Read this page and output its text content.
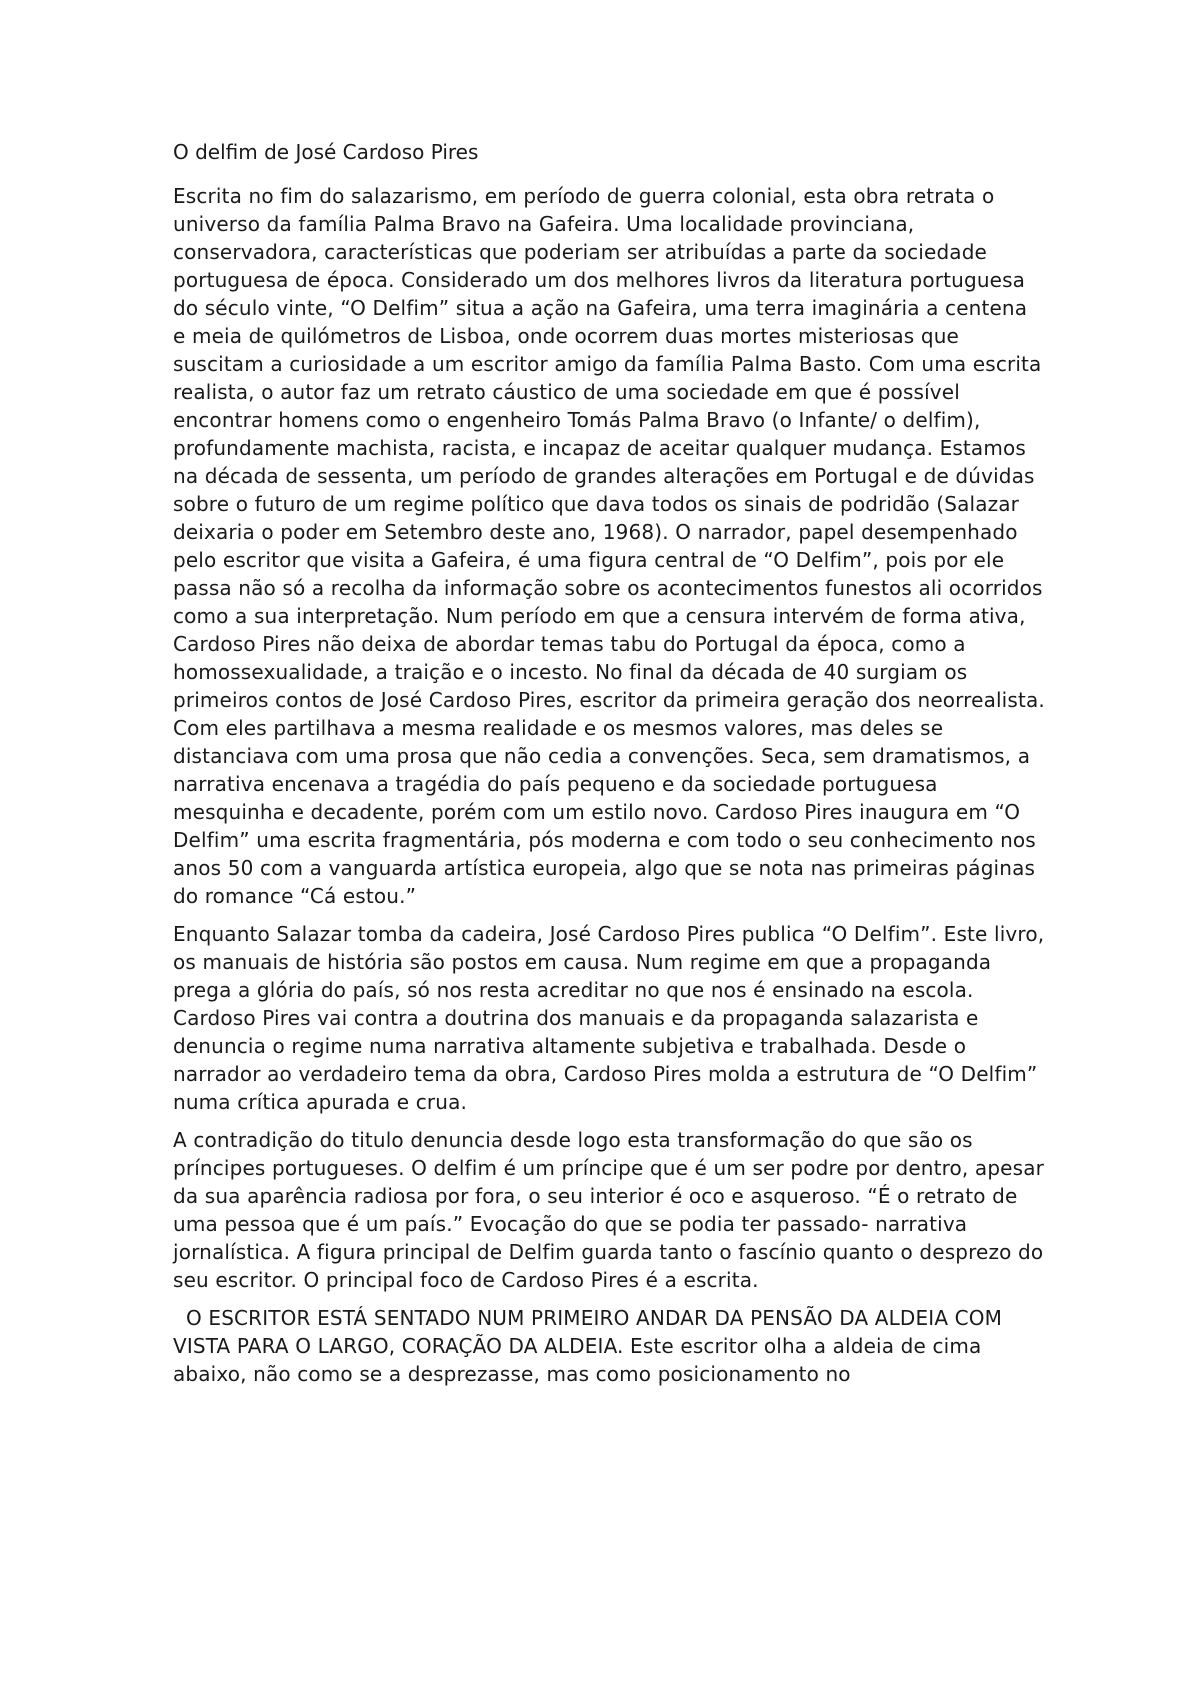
O delfim de José Cardoso Pires

Escrita no fim do salazarismo, em período de guerra colonial, esta obra retrata o universo da família Palma Bravo na Gafeira. Uma localidade provinciana, conservadora, características que poderiam ser atribuídas a parte da sociedade portuguesa de época. Considerado um dos melhores livros da literatura portuguesa do século vinte, “O Delfim” situa a ação na Gafeira, uma terra imaginária a centena e meia de quilómetros de Lisboa, onde ocorrem duas mortes misteriosas que suscitam a curiosidade a um escritor amigo da família Palma Basto. Com uma escrita realista, o autor faz um retrato cáustico de uma sociedade em que é possível encontrar homens como o engenheiro Tomás Palma Bravo (o Infante/ o delfim), profundamente machista, racista, e incapaz de aceitar qualquer mudança. Estamos na década de sessenta, um período de grandes alterações em Portugal e de dúvidas sobre o futuro de um regime político que dava todos os sinais de podridão (Salazar deixaria o poder em Setembro deste ano, 1968). O narrador, papel desempenhado pelo escritor que visita a Gafeira, é uma figura central de “O Delfim”, pois por ele passa não só a recolha da informação sobre os acontecimentos funestos ali ocorridos como a sua interpretação. Num período em que a censura intervém de forma ativa, Cardoso Pires não deixa de abordar temas tabu do Portugal da época, como a homossexualidade, a traição e o incesto. No final da década de 40 surgiam os primeiros contos de José Cardoso Pires, escritor da primeira geração dos neorrealista. Com eles partilhava a mesma realidade e os mesmos valores, mas deles se distanciava com uma prosa que não cedia a convenções. Seca, sem dramatismos, a narrativa encenava a tragédia do país pequeno e da sociedade portuguesa mesquinha e decadente, porém com um estilo novo. Cardoso Pires inaugura em “O Delfim” uma escrita fragmentária, pós moderna e com todo o seu conhecimento nos anos 50 com a vanguarda artística europeia, algo que se nota nas primeiras páginas do romance “Cá estou.”

Enquanto Salazar tomba da cadeira, José Cardoso Pires publica “O Delfim”. Este livro, os manuais de história são postos em causa. Num regime em que a propaganda prega a glória do país, só nos resta acreditar no que nos é ensinado na escola. Cardoso Pires vai contra a doutrina dos manuais e da propaganda salazarista e denuncia o regime numa narrativa altamente subjetiva e trabalhada. Desde o narrador ao verdadeiro tema da obra, Cardoso Pires molda a estrutura de “O Delfim” numa crítica apurada e crua.

A contradição do titulo denuncia desde logo esta transformação do que são os príncipes portugueses. O delfim é um príncipe que é um ser podre por dentro, apesar da sua aparência radiosa por fora, o seu interior é oco e asqueroso. “É o retrato de uma pessoa que é um país.” Evocação do que se podia ter passado- narrativa jornalística. A figura principal de Delfim guarda tanto o fascínio quanto o desprezo do seu escritor. O principal foco de Cardoso Pires é a escrita.

O ESCRITOR ESTÁ SENTADO NUM PRIMEIRO ANDAR DA PENSÃO DA ALDEIA COM VISTA PARA O LARGO, CORAÇÃO DA ALDEIA. Este escritor olha a aldeia de cima abaixo, não como se a desprezasse, mas como posicionamento no
